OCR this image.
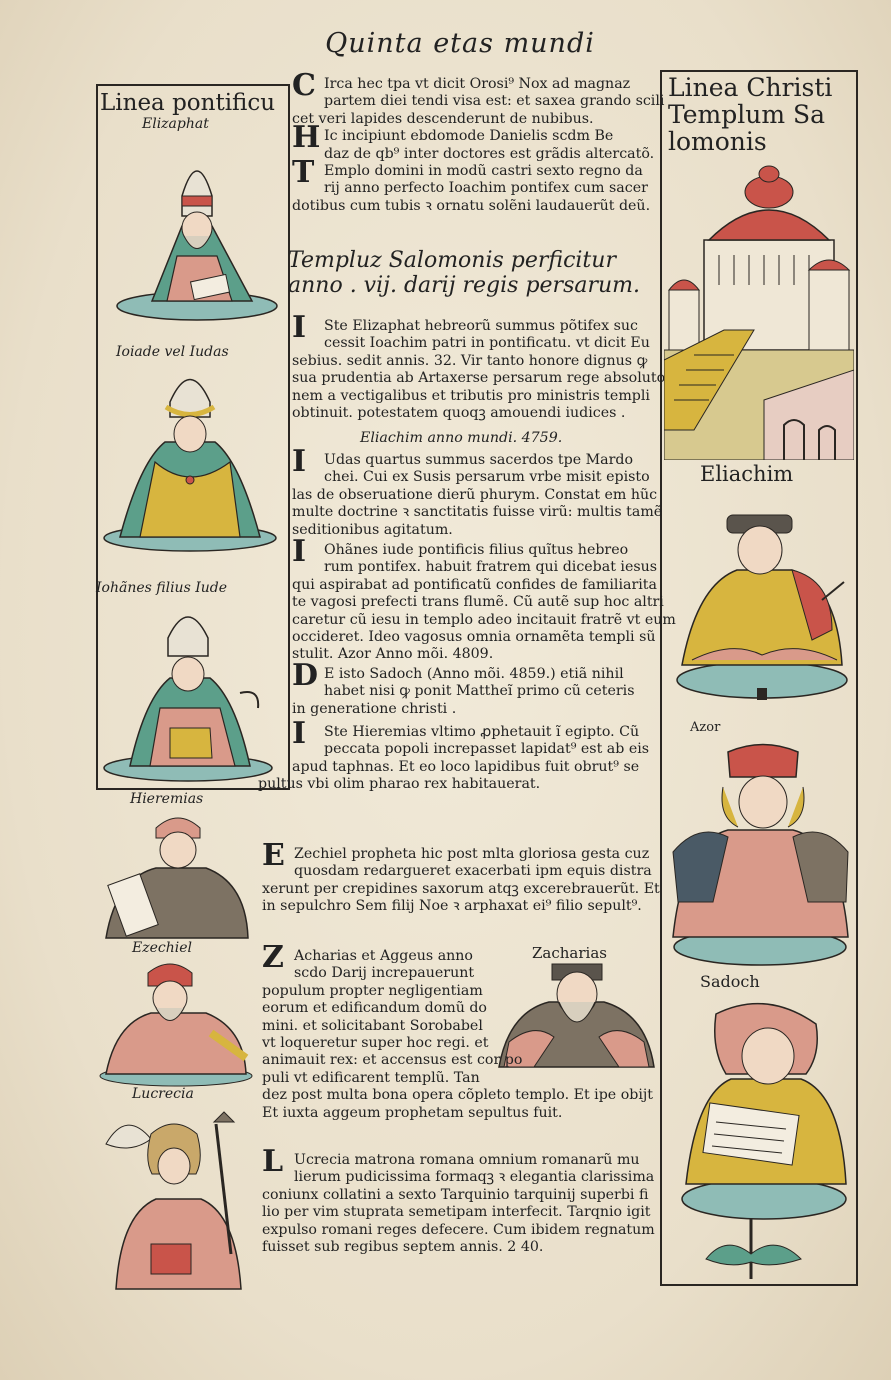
Quinta etas mundi
Linea pontificu
Linea Christi
Templum Sa
lomonis
Elizaphat
Ioiade vel Iudas
Iohãnes filius Iude
Hieremias
Ezechiel
Lucrecia
Eliachim
Azor
Sadoch
C Irca hec tpa vt dicit Orosi⁹ Nox ad magnaz
partem diei tendi visa est: et saxea grando scili
cet veri lapides descenderunt de nubibus.
H Ic incipiunt ebdomode Danielis scdm Be
daz de qb⁹ inter doctores est grãdis altercatõ.
T Emplo domini in modũ castri sexto regno da
rij anno perfecto Ioachim pontifex cum sacer
dotibus cum tubis ꝛ ornatu solẽni laudauerũt deũ.
Templuz Salomonis perficitur
anno . vij. darij regis persarum.
I Ste Elizaphat hebreorũ summus põtifex suc
cessit Ioachim patri in pontificatu. vt dicit Eu
sebius. sedit annis. 32. Vir tanto honore dignus ꝙ
sua prudentia ab Artaxerse persarum rege absoluto
nem a vectigalibus et tributis pro ministris templi
obtinuit. potestatem quoqꝫ amouendi iudices .
Eliachim anno mundi. 4759.
I Udas quartus summus sacerdos tpe Mardo
chei. Cui ex Susis persarum vrbe misit episto
las de obseruatione dierũ phurym. Constat em hũc
multe doctrine ꝛ sanctitatis fuisse virũ: multis tamẽ
seditionibus agitatum.
I Ohãnes iude pontificis filius quĩtus hebreo
rum pontifex. habuit fratrem qui dicebat iesus
qui aspirabat ad pontificatũ confides de familiarita
te vagosi prefecti trans flumẽ. Cũ autẽ sup hoc altri
caretur cũ iesu in templo adeo incitauit fratrẽ vt eum
occideret. Ideo vagosus omnia ornamẽta templi sũ
stulit. Azor Anno mõi. 4809.
D E isto Sadoch (Anno mõi. 4859.) etiã nihil
habet nisi ꝙ ponit Mattheĩ primo cũ ceteris
in generatione christi .
I Ste Hieremias vltimo ꝓphetauit ĩ egipto. Cũ
peccata popoli increpasset lapidat⁹ est ab eis
apud taphnas. Et eo loco lapidibus fuit obrut⁹ se
pultus vbi olim pharao rex habitauerat.
E Zechiel propheta hic post mlta gloriosa gesta cuz
quosdam redargueret exacerbati ipm equis distra
xerunt per crepidines saxorum atqꝫ excerebrauerũt. Et
in sepulchro Sem filij Noe ꝛ arphaxat ei⁹ filio sepult⁹.
Zacharias
Z Acharias et Aggeus anno
scdo Darij increpauerunt
populum propter negligentiam
eorum et edificandum domũ do
mini. et solicitabant Sorobabel
vt loqueretur super hoc regi. et
animauit rex: et accensus est cor po
puli vt edificarent templũ. Tan
dez post multa bona opera cõpleto templo. Et ipe obijt
Et iuxta aggeum prophetam sepultus fuit.
L Ucrecia matrona romana omnium romanarũ mu
lierum pudicissima formaqꝫ ꝛ elegantia clarissima
coniunx collatini a sexto Tarquinio tarquinij superbi fi
lio per vim stuprata semetipam interfecit. Tarqnio igit
expulso romani reges defecere. Cum ibidem regnatum
fuisset sub regibus septem annis. 2 40.
